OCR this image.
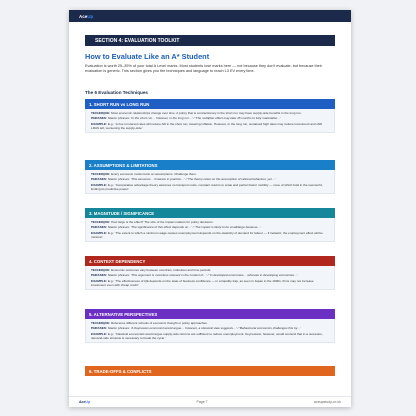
AceUp
SECTION 4: EVALUATION TOOLKIT
How to Evaluate Like an A* Student
Evaluation is worth 25–35% of your total A Level marks. Most students lose marks here — not because they don't evaluate, but because their evaluation is generic. This section gives you the techniques and language to reach L3 EV every time.
The 6 Evaluation Techniques
1. SHORT RUN vs LONG RUN
TECHNIQUE: Most economic relationships change over time. A policy that is contractionary in the short run may have supply-side benefits in the long run.
PHRASES: Starter phrases: 'In the short run… however, in the long run…' / 'The multiplier effect may take 18 months to fully materialise…'
EXAMPLE: E.g.: 'A rise in interest rates will reduce AD in the short run, lowering inflation. However, in the long run, sustained high rates may reduce investment and shift LRAS left, worsening the supply-side.'
2. ASSUMPTIONS & LIMITATIONS
TECHNIQUE: Every economic model rests on assumptions. Challenge them.
PHRASES: Starter phrases: 'This assumes… however in practice…' / 'The theory relies on the assumption of rational behaviour, yet…'
EXAMPLE: E.g.: 'Comparative advantage theory assumes no transport costs, constant returns to scale and perfect factor mobility — none of which hold in the real world, limiting its predictive power.'
3. MAGNITUDE / SIGNIFICANCE
TECHNIQUE: How large is the effect? The size of the impact matters for policy decisions.
PHRASES: Starter phrases: 'The significance of this effect depends on…' / 'The impact is likely to be small/large because…'
EXAMPLE: E.g.: 'The extent to which a minimum wage causes unemployment depends on the elasticity of demand for labour — if inelastic, the employment effect will be minimal.'
4. CONTEXT DEPENDENCY
TECHNIQUE: Economic outcomes vary between countries, industries and time periods.
PHRASES: Starter phrases: 'This argument is more/less relevant in the context of…' / 'In developed economies… whereas in developing economies…'
EXAMPLE: E.g.: 'The effectiveness of QE depends on the state of business confidence — in a liquidity trap, as seen in Japan in the 1990s, firms may not increase investment even with cheap credit.'
5. ALTERNATIVE PERSPECTIVES
TECHNIQUE: Reference different schools of economic thought or policy approaches.
PHRASES: Starter phrases: 'A Keynesian economist would argue… however, a classical view suggests…' / 'Behavioural economics challenges this by…'
EXAMPLE: E.g.: 'Classical economists would argue supply-side reforms are sufficient to reduce unemployment. Keynesians, however, would contend that in a recession, demand-side stimulus is necessary to break the cycle.'
6. TRADE-OFFS & CONFLICTS
AceUp	Page 7	aceupstudy.co.uk
